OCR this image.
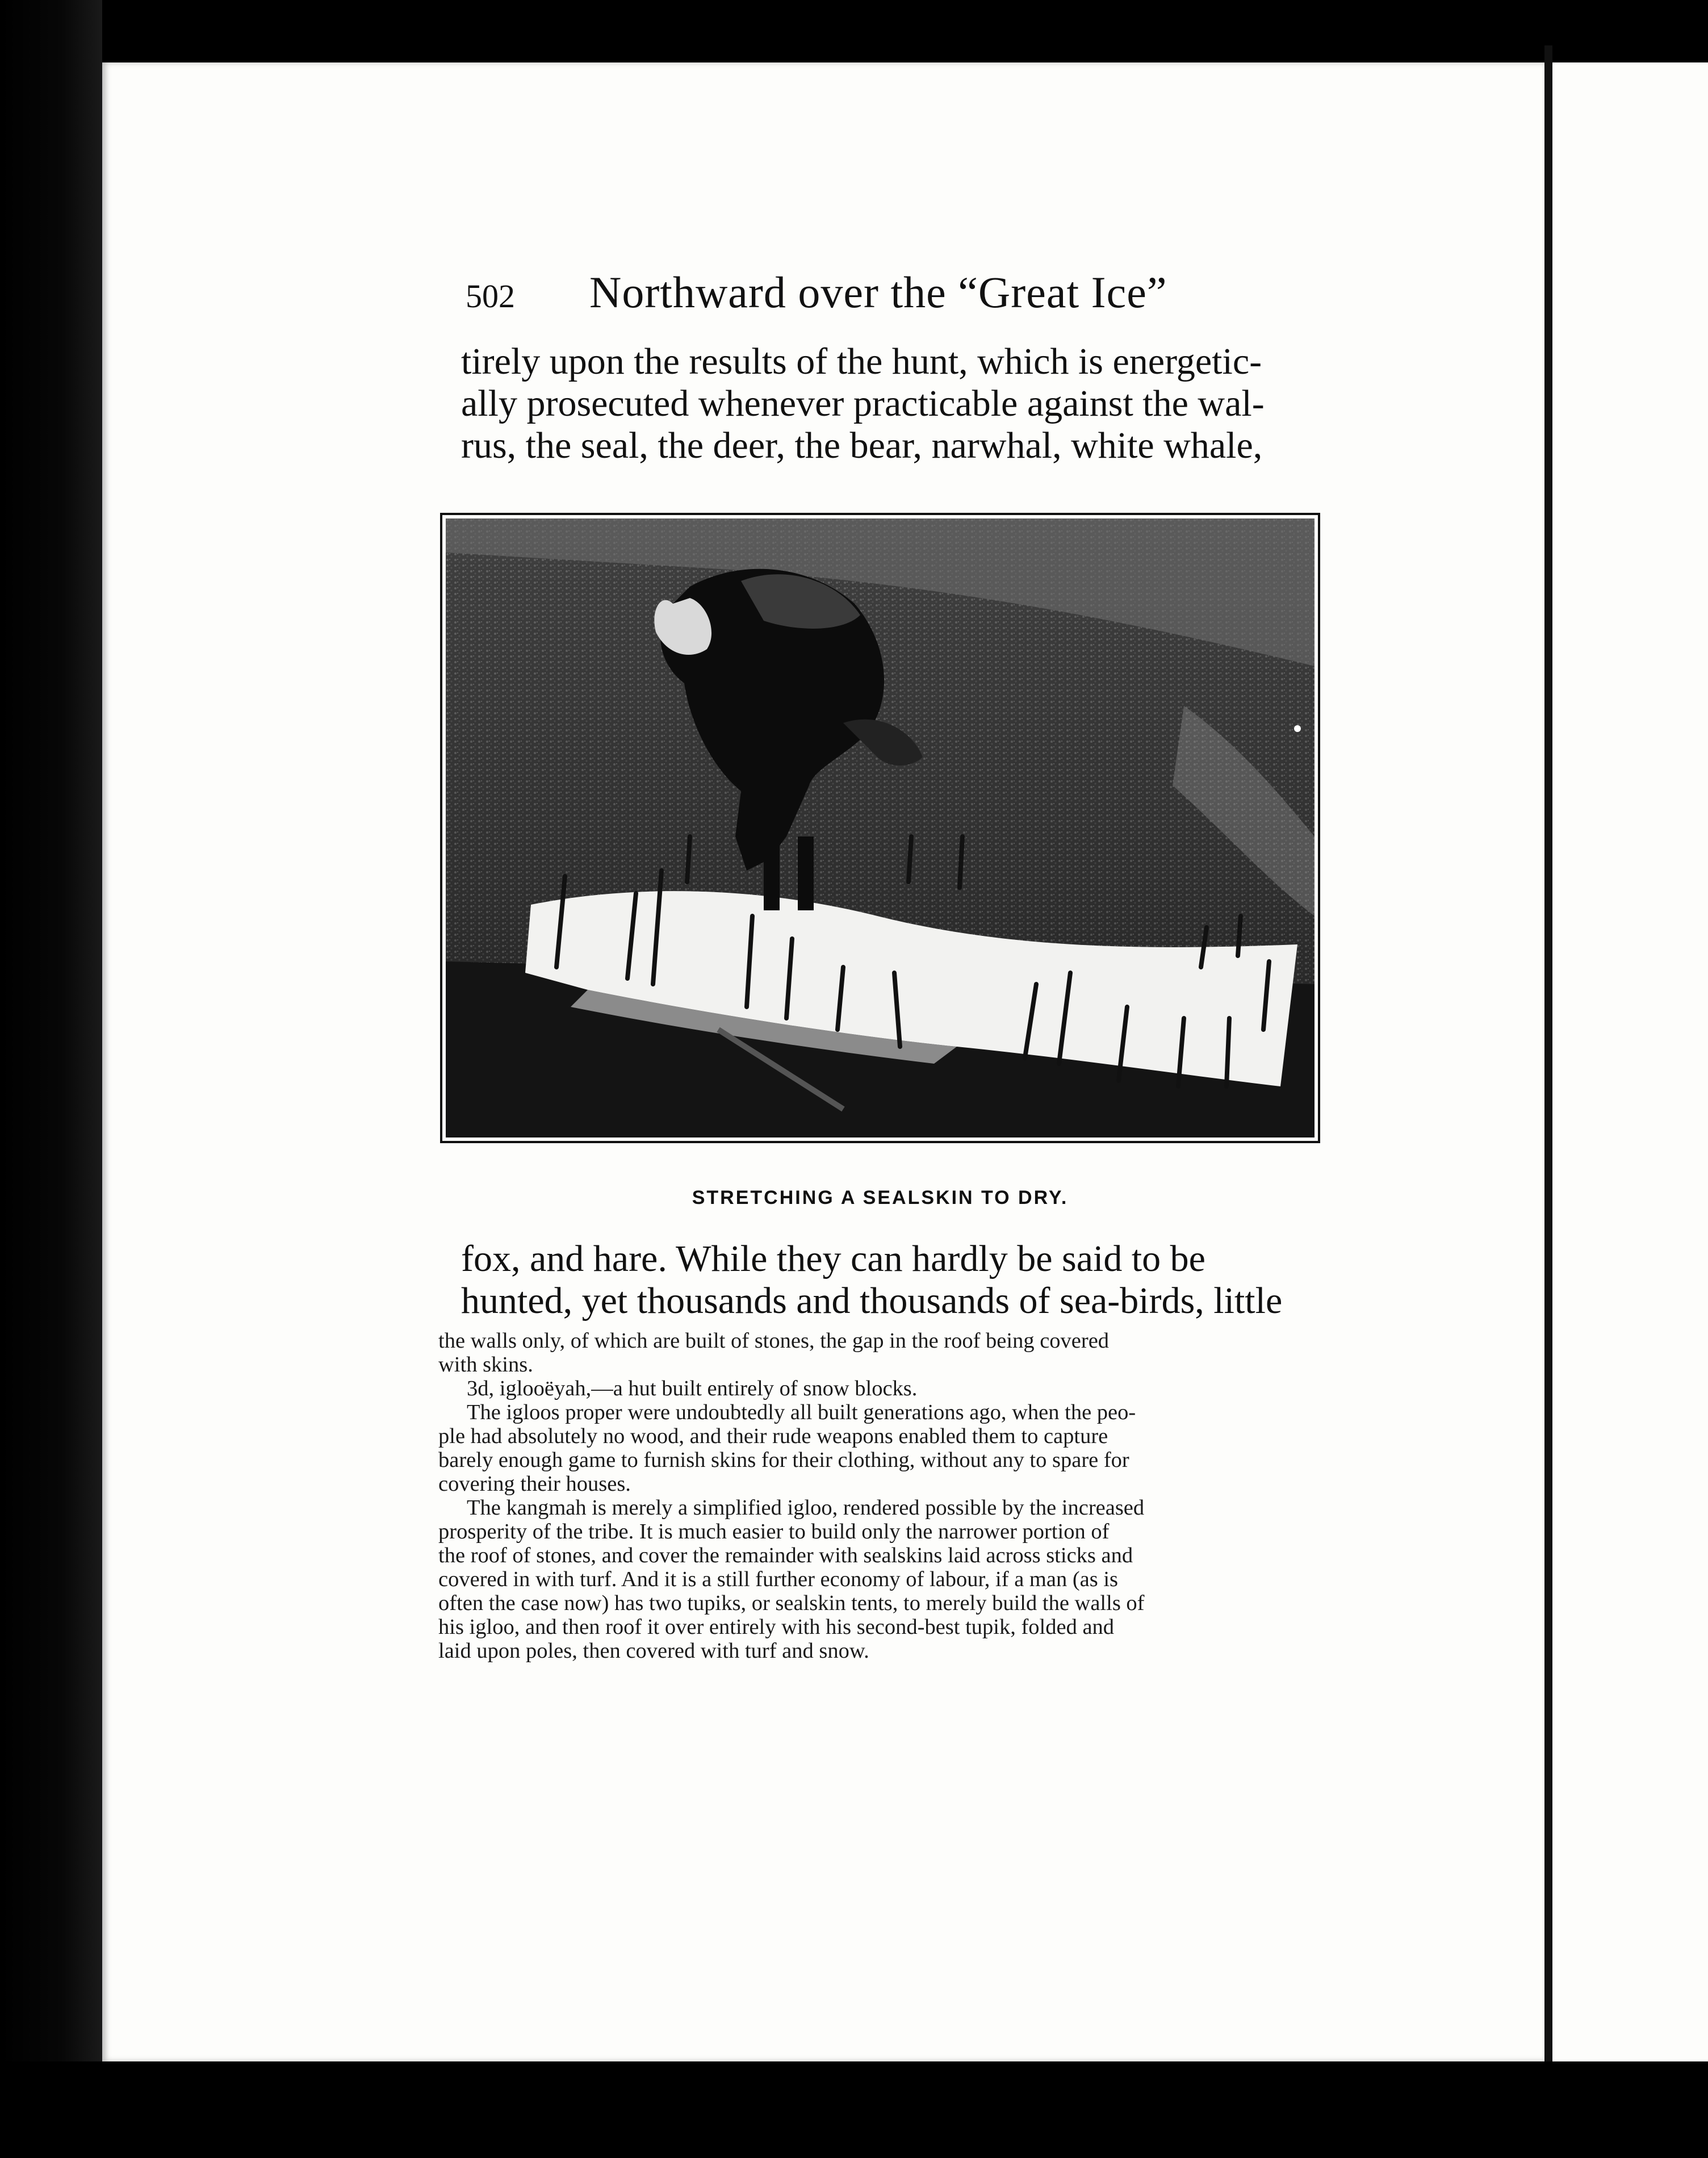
502 Northward over the “Great Ice”
tirely upon the results of the hunt, which is energetic-
ally prosecuted whenever practicable against the wal-
rus, the seal, the deer, the bear, narwhal, white whale,
STRETCHING A SEALSKIN TO DRY.
fox, and hare. While they can hardly be said to be
hunted, yet thousands and thousands of sea-birds, little
the walls only, of which are built of stones, the gap in the roof being covered
with skins.
3d, iglooëyah,—a hut built entirely of snow blocks.
The igloos proper were undoubtedly all built generations ago, when the peo-
ple had absolutely no wood, and their rude weapons enabled them to capture
barely enough game to furnish skins for their clothing, without any to spare for
covering their houses.
The kangmah is merely a simplified igloo, rendered possible by the increased
prosperity of the tribe. It is much easier to build only the narrower portion of
the roof of stones, and cover the remainder with sealskins laid across sticks and
covered in with turf. And it is a still further economy of labour, if a man (as is
often the case now) has two tupiks, or sealskin tents, to merely build the walls of
his igloo, and then roof it over entirely with his second-best tupik, folded and
laid upon poles, then covered with turf and snow.
